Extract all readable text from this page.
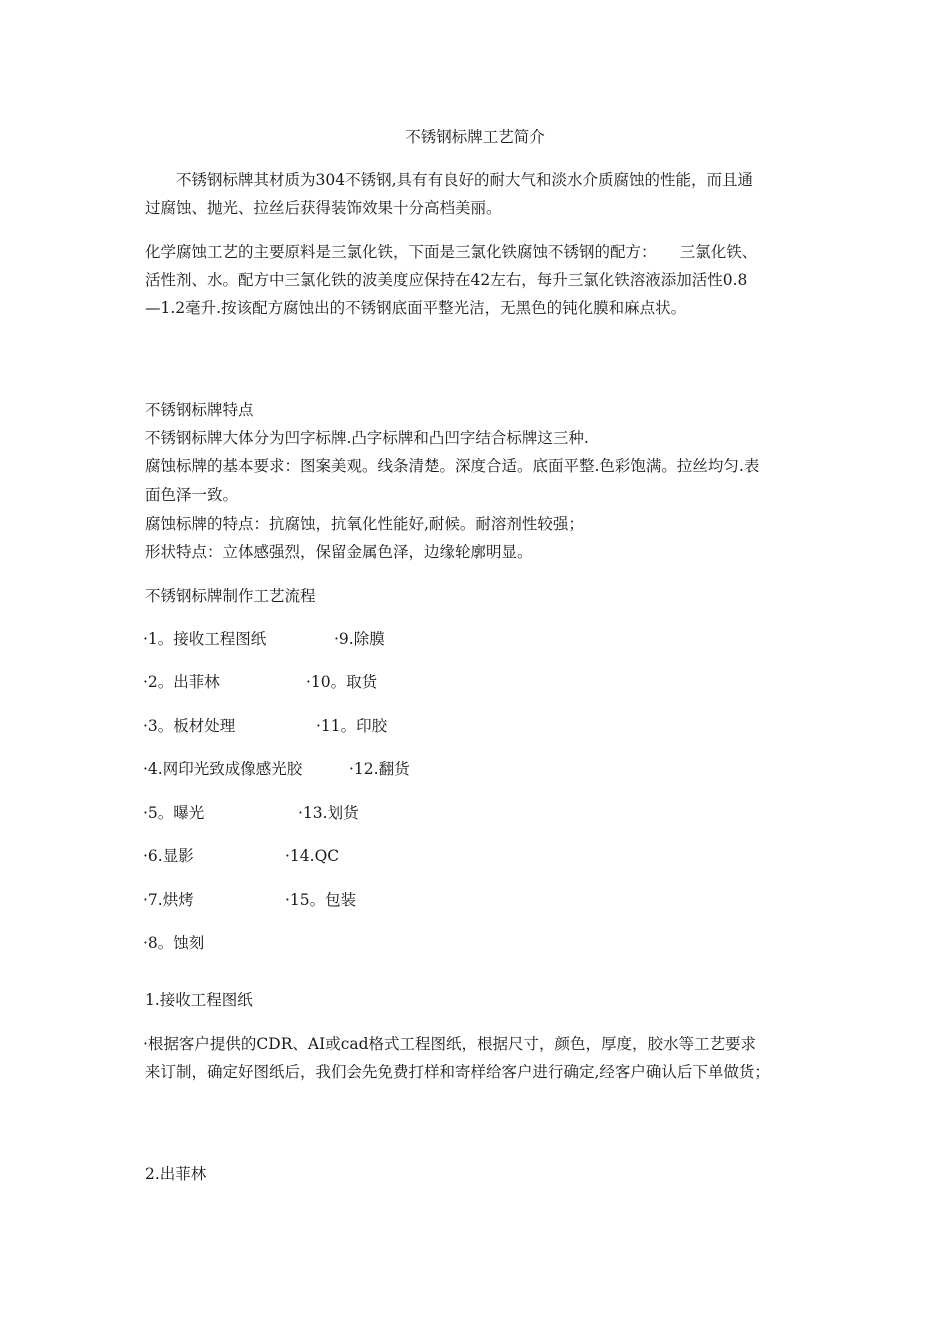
不锈钢标牌工艺简介
　　不锈钢标牌其材质为304不锈钢,具有有良好的耐大气和淡水介质腐蚀的性能，而且通
过腐蚀、抛光、拉丝后获得装饰效果十分高档美丽。
化学腐蚀工艺的主要原料是三氯化铁，下面是三氯化铁腐蚀不锈钢的配方：　　三氯化铁、
活性剂、水。配方中三氯化铁的波美度应保持在42左右，每升三氯化铁溶液添加活性0.8
—1.2毫升.按该配方腐蚀出的不锈钢底面平整光洁，无黑色的钝化膜和麻点状。
不锈钢标牌特点
不锈钢标牌大体分为凹字标牌.凸字标牌和凸凹字结合标牌这三种.
腐蚀标牌的基本要求：图案美观。线条清楚。深度合适。底面平整.色彩饱满。拉丝均匀.表
面色泽一致。
腐蚀标牌的特点：抗腐蚀，抗氧化性能好,耐候。耐溶剂性较强；
形状特点：立体感强烈，保留金属色泽，边缘轮廓明显。
不锈钢标牌制作工艺流程
·1。接收工程图纸	·9.除膜
·2。出菲林	·10。取货
·3。板材处理	·11。印胶
·4.网印光致成像感光胶	·12.翻货
·5。曝光	·13.划货
·6.显影	·14.QC
·7.烘烤	·15。包装
·8。蚀刻
1.接收工程图纸
·根据客户提供的CDR、AI或cad格式工程图纸，根据尺寸，颜色，厚度，胶水等工艺要求
来订制，确定好图纸后，我们会先免费打样和寄样给客户进行确定,经客户确认后下单做货；
2.出菲林
